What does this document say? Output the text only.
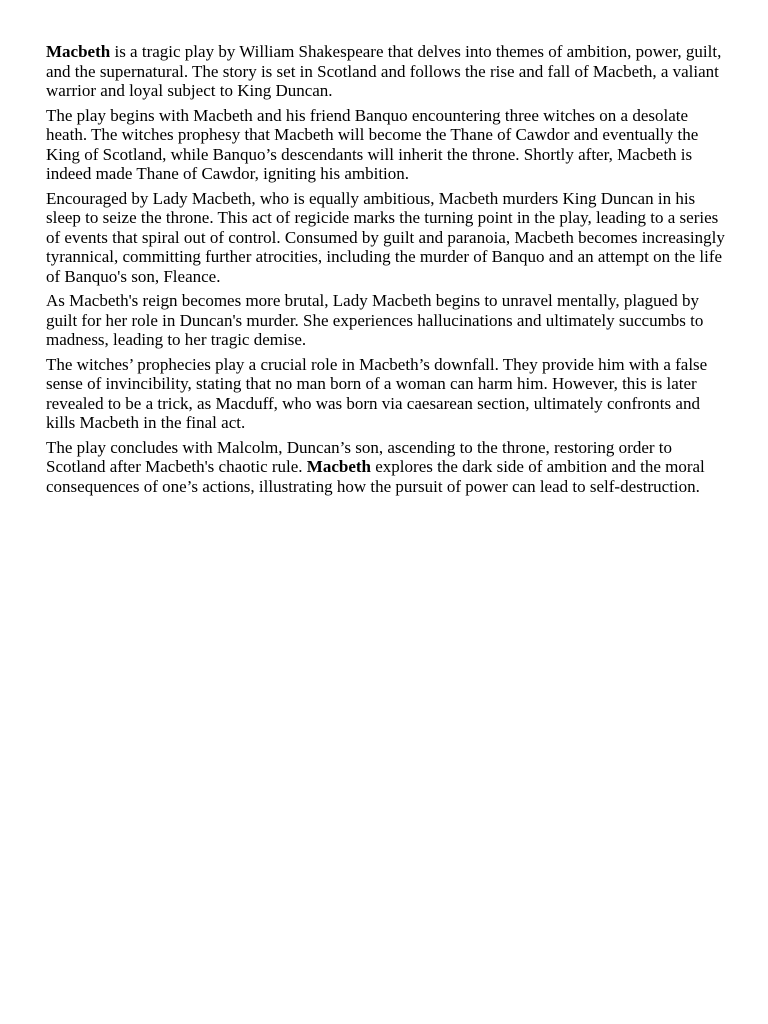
Macbeth is a tragic play by William Shakespeare that delves into themes of ambition, power, guilt, and the supernatural. The story is set in Scotland and follows the rise and fall of Macbeth, a valiant warrior and loyal subject to King Duncan.

The play begins with Macbeth and his friend Banquo encountering three witches on a desolate heath. The witches prophesy that Macbeth will become the Thane of Cawdor and eventually the King of Scotland, while Banquo’s descendants will inherit the throne. Shortly after, Macbeth is indeed made Thane of Cawdor, igniting his ambition.

Encouraged by Lady Macbeth, who is equally ambitious, Macbeth murders King Duncan in his sleep to seize the throne. This act of regicide marks the turning point in the play, leading to a series of events that spiral out of control. Consumed by guilt and paranoia, Macbeth becomes increasingly tyrannical, committing further atrocities, including the murder of Banquo and an attempt on the life of Banquo's son, Fleance.

As Macbeth's reign becomes more brutal, Lady Macbeth begins to unravel mentally, plagued by guilt for her role in Duncan's murder. She experiences hallucinations and ultimately succumbs to madness, leading to her tragic demise.

The witches’ prophecies play a crucial role in Macbeth’s downfall. They provide him with a false sense of invincibility, stating that no man born of a woman can harm him. However, this is later revealed to be a trick, as Macduff, who was born via caesarean section, ultimately confronts and kills Macbeth in the final act.

The play concludes with Malcolm, Duncan’s son, ascending to the throne, restoring order to Scotland after Macbeth's chaotic rule. Macbeth explores the dark side of ambition and the moral consequences of one’s actions, illustrating how the pursuit of power can lead to self-destruction.
